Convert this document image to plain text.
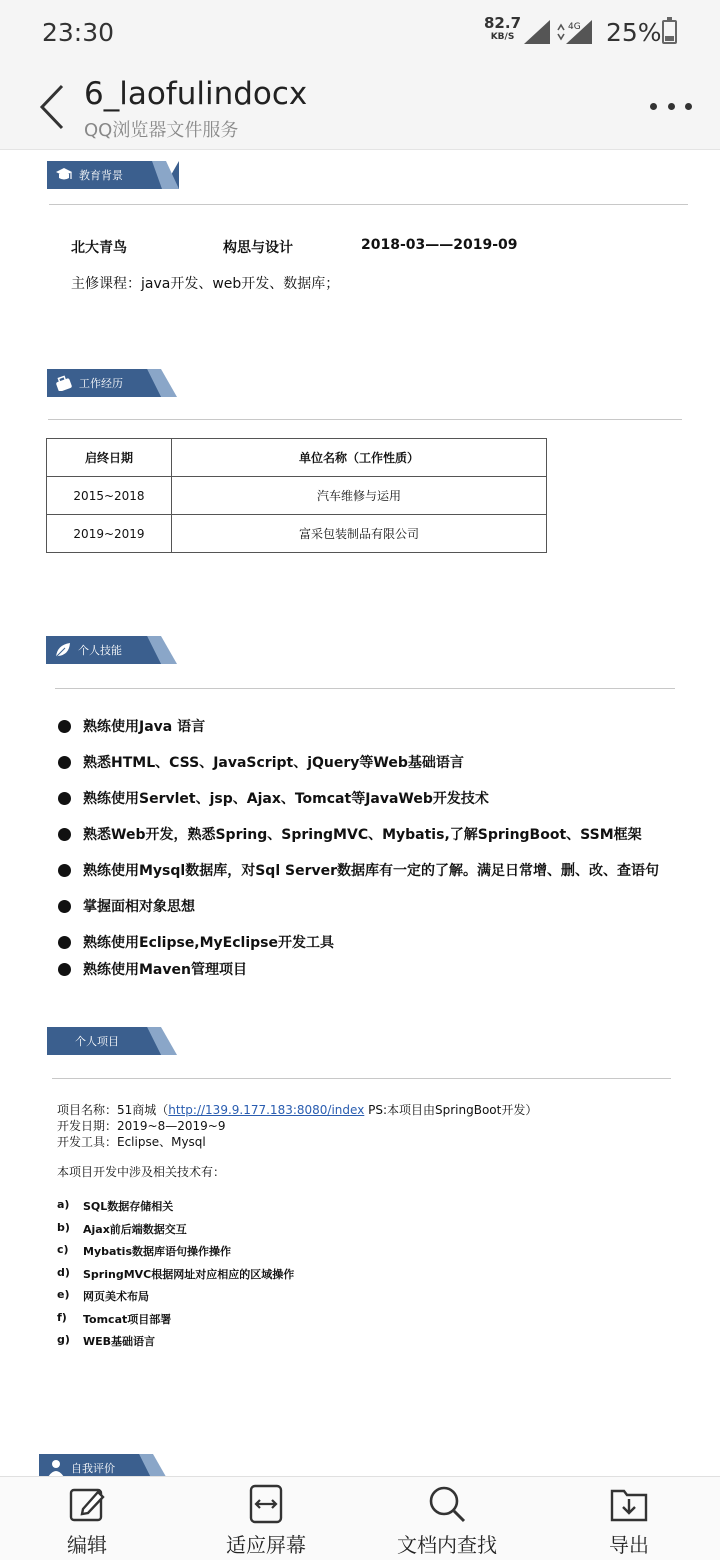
23:30	82.7
KB/S
4G 25%
6_laofulindocx
QQ浏览器文件服务
教育背景
北大青鸟	构思与设计	2018-03——2019-09
主修课程：java开发、web开发、数据库；
工作经历
启终日期	单位名称（工作性质）
2015~2018	汽车维修与运用
2019~2019	富采包装制品有限公司
个人技能
熟练使用Java 语言
熟悉HTML、CSS、JavaScript、jQuery等Web基础语言
熟练使用Servlet、jsp、Ajax、Tomcat等JavaWeb开发技术
熟悉Web开发，熟悉Spring、SpringMVC、Mybatis,了解SpringBoot、SSM框架
熟练使用Mysql数据库，对Sql Server数据库有一定的了解。满足日常增、删、改、查语句
掌握面相对象思想
熟练使用Eclipse,MyEclipse开发工具
熟练使用Maven管理项目
个人项目
项目名称：51商城（http://139.9.177.183:8080/index PS:本项目由SpringBoot开发）
开发日期：2019~8—2019~9
开发工具：Eclipse、Mysql
本项目开发中涉及相关技术有：
a)	SQL数据存储相关
b)	Ajax前后端数据交互
c)	Mybatis数据库语句操作操作
d)	SpringMVC根据网址对应相应的区域操作
e)	网页美术布局
f)	Tomcat项目部署
g)	WEB基础语言
自我评价
编辑	适应屏幕	文档内查找	导出
